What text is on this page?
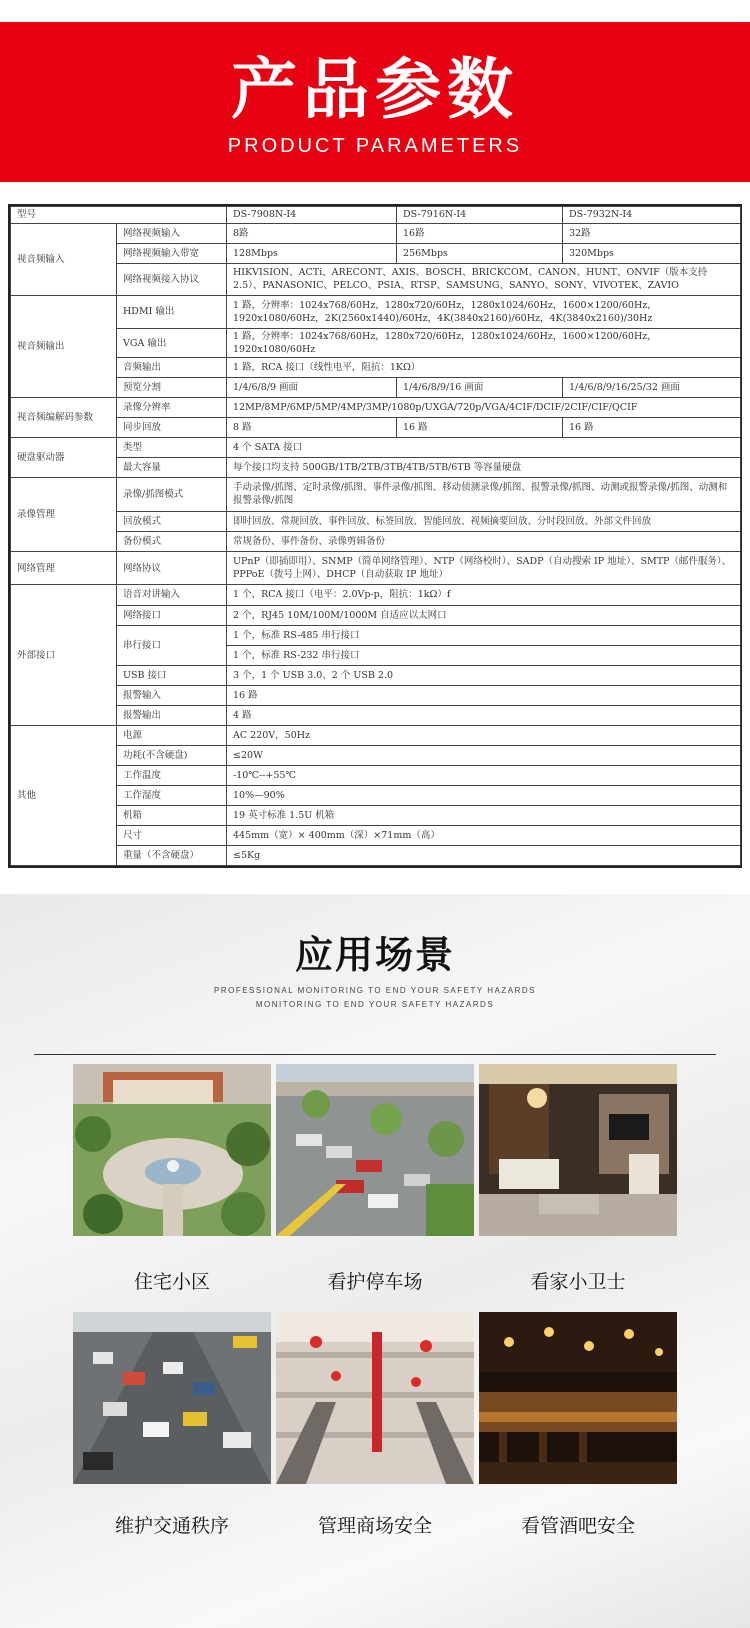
产品参数
PRODUCT PARAMETERS
型号		DS-7908N-I4	DS-7916N-I4	DS-7932N-I4
视音频输入	网络视频输入	8路	16路	32路
	网络视频输入带宽	128Mbps	256Mbps	320Mbps
	网络视频接入协议	HIKVISION、ACTi、ARECONT、AXIS、BOSCH、BRICKCOM、CANON、HUNT、ONVIF（版本支持2.5）、PANASONIC、PELCO、PSIA、RTSP、SAMSUNG、SANYO、SONY、VIVOTEK、ZAVIO		
视音频输出	HDMI 输出	1 路，分辨率：1024x768/60Hz，1280x720/60Hz，1280x1024/60Hz，1600×1200/60Hz，1920x1080/60Hz，2K(2560x1440)/60Hz，4K(3840x2160)/60Hz，4K(3840x2160)/30Hz		
	VGA 输出	1 路，分辨率：1024x768/60Hz，1280x720/60Hz，1280x1024/60Hz，1600×1200/60Hz，1920x1080/60Hz		
	音频输出	1 路，RCA 接口（线性电平，阻抗：1KΩ）		
	预览分割	1/4/6/8/9 画面	1/4/6/8/9/16 画面	1/4/6/8/9/16/25/32 画面
视音频编解码参数	录像分辨率	12MP/8MP/6MP/5MP/4MP/3MP/1080p/UXGA/720p/VGA/4CIF/DCIF/2CIF/CIF/QCIF		
	同步回放	8 路	16 路	16 路
硬盘驱动器	类型	4 个 SATA 接口		
	最大容量	每个接口均支持 500GB/1TB/2TB/3TB/4TB/5TB/6TB 等容量硬盘		
录像管理	录像/抓图模式	手动录像/抓图、定时录像/抓图、事件录像/抓图、移动侦测录像/抓图、报警录像/抓图、动测或报警录像/抓图、动测和报警录像/抓图		
	回放模式	即时回放、常规回放、事件回放、标签回放、智能回放、视频摘要回放、分时段回放、外部文件回放		
	备份模式	常规备份、事件备份、录像剪辑备份		
网络管理	网络协议	UPnP（即插即用）、SNMP（简单网络管理）、NTP（网络校时）、SADP（自动搜索 IP 地址）、SMTP（邮件服务）、PPPoE（拨号上网）、DHCP（自动获取 IP 地址）		
外部接口	语音对讲输入	1 个，RCA 接口（电平：2.0Vp-p，阻抗：1kΩ）f		
	网络接口	2 个，RJ45 10M/100M/1000M 自适应以太网口		
	串行接口	1 个，标准 RS-485 串行接口		
		1 个，标准 RS-232 串行接口		
	USB 接口	3 个，1 个 USB 3.0、2 个 USB 2.0		
	报警输入	16 路		
	报警输出	4 路		
其他	电源	AC 220V，50Hz		
	功耗(不含硬盘)	≤20W		
	工作温度	-10℃--+55℃		
	工作湿度	10%—90%		
	机箱	19 英寸标准 1.5U 机箱		
	尺寸	445mm（宽）× 400mm（深）×71mm（高）		
	重量（不含硬盘）	≤5Kg		
应用场景
PROFESSIONAL MONITORING TO END YOUR SAFETY HAZARDS
MONITORING TO END YOUR SAFETY HAZARDS
住宅小区	看护停车场	看家小卫士
维护交通秩序	管理商场安全	看管酒吧安全
